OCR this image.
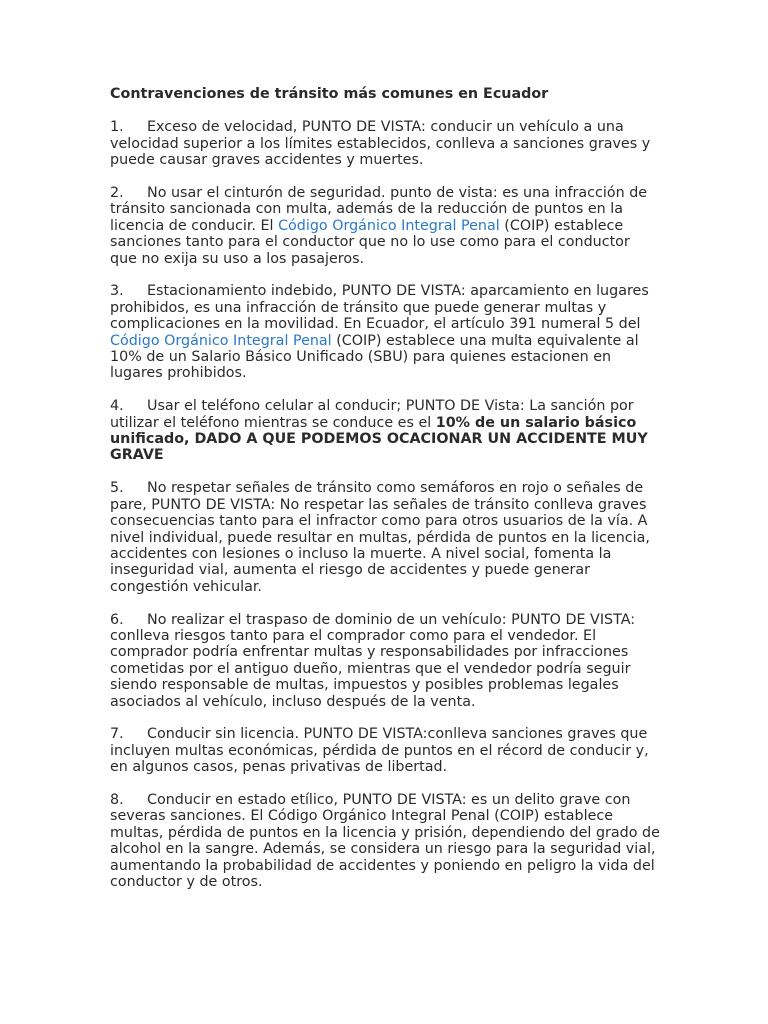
Contravenciones de tránsito más comunes en Ecuador
1. Exceso de velocidad, PUNTO DE VISTA: conducir un vehículo a una velocidad superior a los límites establecidos, conlleva a sanciones graves y puede causar graves accidentes y muertes.
2. No usar el cinturón de seguridad. punto de vista: es una infracción de tránsito sancionada con multa, además de la reducción de puntos en la licencia de conducir. El Código Orgánico Integral Penal (COIP) establece sanciones tanto para el conductor que no lo use como para el conductor que no exija su uso a los pasajeros.
3. Estacionamiento indebido, PUNTO DE VISTA: aparcamiento en lugares prohibidos, es una infracción de tránsito que puede generar multas y complicaciones en la movilidad. En Ecuador, el artículo 391 numeral 5 del Código Orgánico Integral Penal (COIP) establece una multa equivalente al 10% de un Salario Básico Unificado (SBU) para quienes estacionen en lugares prohibidos.
4. Usar el teléfono celular al conducir; PUNTO DE Vista: La sanción por utilizar el teléfono mientras se conduce es el 10% de un salario básico unificado, DADO A QUE PODEMOS OCACIONAR UN ACCIDENTE MUY GRAVE
5. No respetar señales de tránsito como semáforos en rojo o señales de pare, PUNTO DE VISTA: No respetar las señales de tránsito conlleva graves consecuencias tanto para el infractor como para otros usuarios de la vía. A nivel individual, puede resultar en multas, pérdida de puntos en la licencia, accidentes con lesiones o incluso la muerte. A nivel social, fomenta la inseguridad vial, aumenta el riesgo de accidentes y puede generar congestión vehicular.
6. No realizar el traspaso de dominio de un vehículo: PUNTO DE VISTA: conlleva riesgos tanto para el comprador como para el vendedor. El comprador podría enfrentar multas y responsabilidades por infracciones cometidas por el antiguo dueño, mientras que el vendedor podría seguir siendo responsable de multas, impuestos y posibles problemas legales asociados al vehículo, incluso después de la venta.
7. Conducir sin licencia. PUNTO DE VISTA:conlleva sanciones graves que incluyen multas económicas, pérdida de puntos en el récord de conducir y, en algunos casos, penas privativas de libertad.
8. Conducir en estado etílico, PUNTO DE VISTA: es un delito grave con severas sanciones. El Código Orgánico Integral Penal (COIP) establece multas, pérdida de puntos en la licencia y prisión, dependiendo del grado de alcohol en la sangre. Además, se considera un riesgo para la seguridad vial, aumentando la probabilidad de accidentes y poniendo en peligro la vida del conductor y de otros.
